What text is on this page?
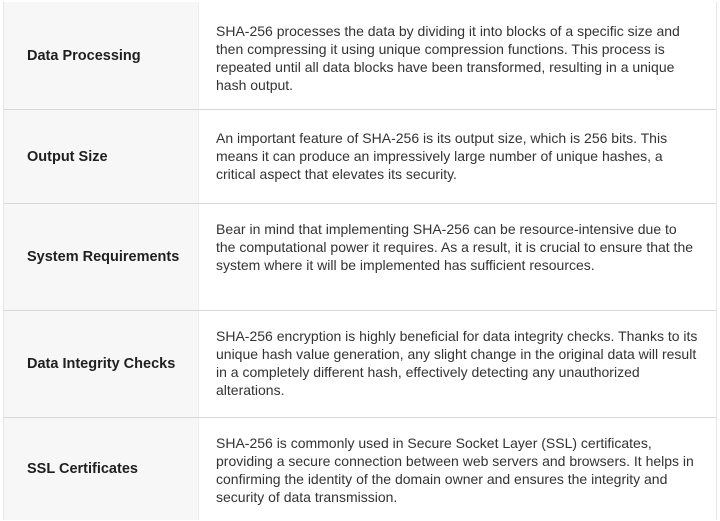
Data Processing
SHA-256 processes the data by dividing it into blocks of a specific size and then compressing it using unique compression functions. This process is repeated until all data blocks have been transformed, resulting in a unique hash output.
Output Size
An important feature of SHA-256 is its output size, which is 256 bits. This means it can produce an impressively large number of unique hashes, a critical aspect that elevates its security.
System Requirements
Bear in mind that implementing SHA-256 can be resource-intensive due to the computational power it requires. As a result, it is crucial to ensure that the system where it will be implemented has sufficient resources.
Data Integrity Checks
SHA-256 encryption is highly beneficial for data integrity checks. Thanks to its unique hash value generation, any slight change in the original data will result in a completely different hash, effectively detecting any unauthorized alterations.
SSL Certificates
SHA-256 is commonly used in Secure Socket Layer (SSL) certificates, providing a secure connection between web servers and browsers. It helps in confirming the identity of the domain owner and ensures the integrity and security of data transmission.
